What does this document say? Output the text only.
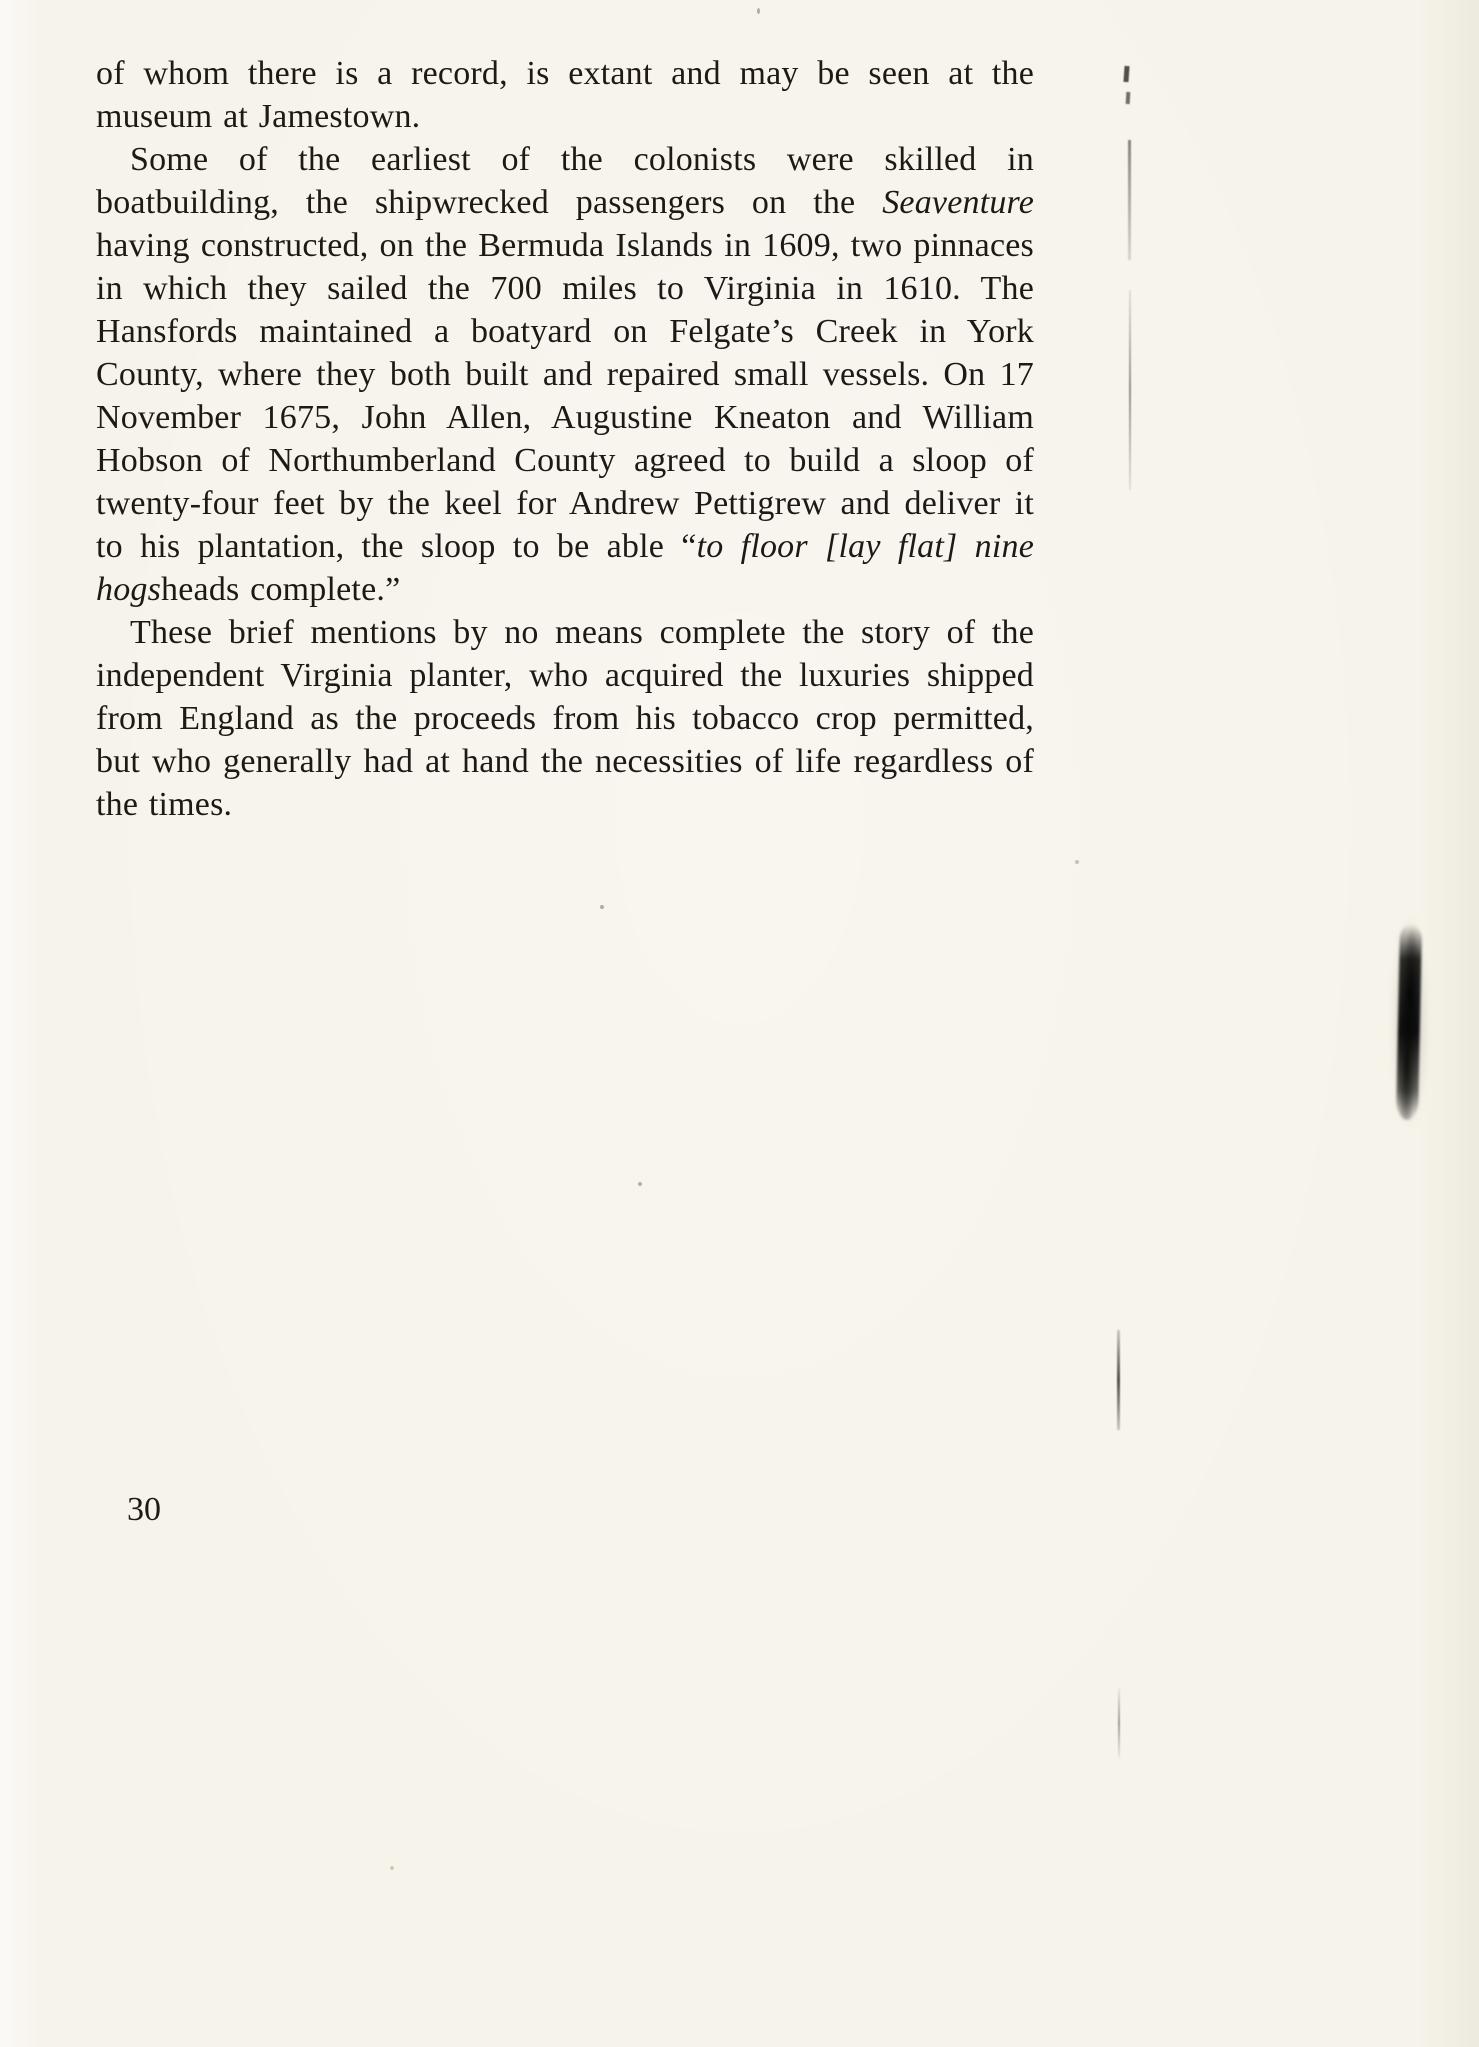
of whom there is a record, is extant and may be seen at the museum at Jamestown.

Some of the earliest of the colonists were skilled in boatbuilding, the shipwrecked passengers on the Seaventure having constructed, on the Bermuda Islands in 1609, two pinnaces in which they sailed the 700 miles to Virginia in 1610. The Hansfords maintained a boatyard on Felgate’s Creek in York County, where they both built and repaired small vessels. On 17 November 1675, John Allen, Augustine Kneaton and William Hobson of Northumberland County agreed to build a sloop of twenty-four feet by the keel for Andrew Pettigrew and deliver it to his plantation, the sloop to be able “to floor [lay flat] nine hogsheads complete.”

These brief mentions by no means complete the story of the independent Virginia planter, who acquired the luxuries shipped from England as the proceeds from his tobacco crop permitted, but who generally had at hand the necessities of life regardless of the times.

30
